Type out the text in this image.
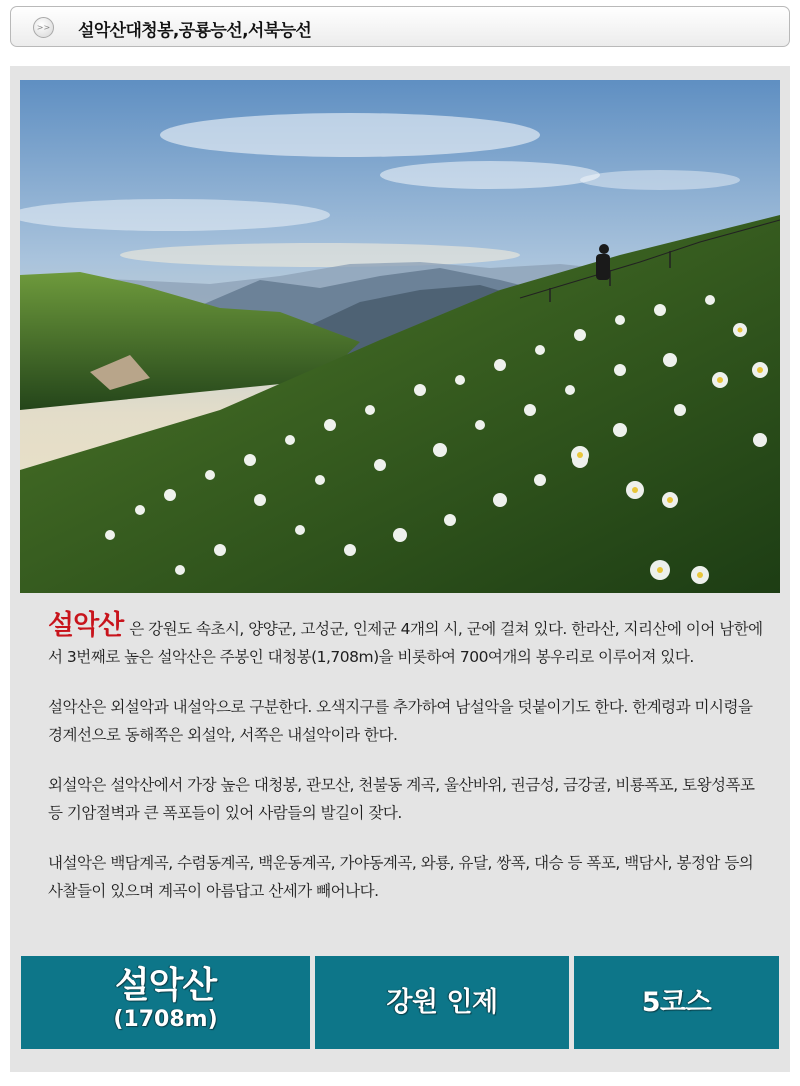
>> 설악산대청봉,공룡능선,서북능선

설악산 은 강원도 속초시, 양양군, 고성군, 인제군 4개의 시, 군에 걸쳐 있다. 한라산, 지리산에 이어 남한에서 3번째로 높은 설악산은 주봉인 대청봉(1,708m)을 비롯하여 700여개의 봉우리로 이루어져 있다.

설악산은 외설악과 내설악으로 구분한다. 오색지구를 추가하여 남설악을 덧붙이기도 한다. 한계령과 미시령을 경계선으로 동해쪽은 외설악, 서쪽은 내설악이라 한다.

외설악은 설악산에서 가장 높은 대청봉, 관모산, 천불동 계곡, 울산바위, 권금성, 금강굴, 비룡폭포, 토왕성폭포 등 기암절벽과 큰 폭포들이 있어 사람들의 발길이 잦다.

내설악은 백담계곡, 수렴동계곡, 백운동계곡, 가야동계곡, 와룡, 유달, 쌍폭, 대승 등 폭포, 백담사, 봉정암 등의 사찰들이 있으며 계곡이 아름답고 산세가 빼어나다.

설악산
(1708m)
강원 인제	5코스
